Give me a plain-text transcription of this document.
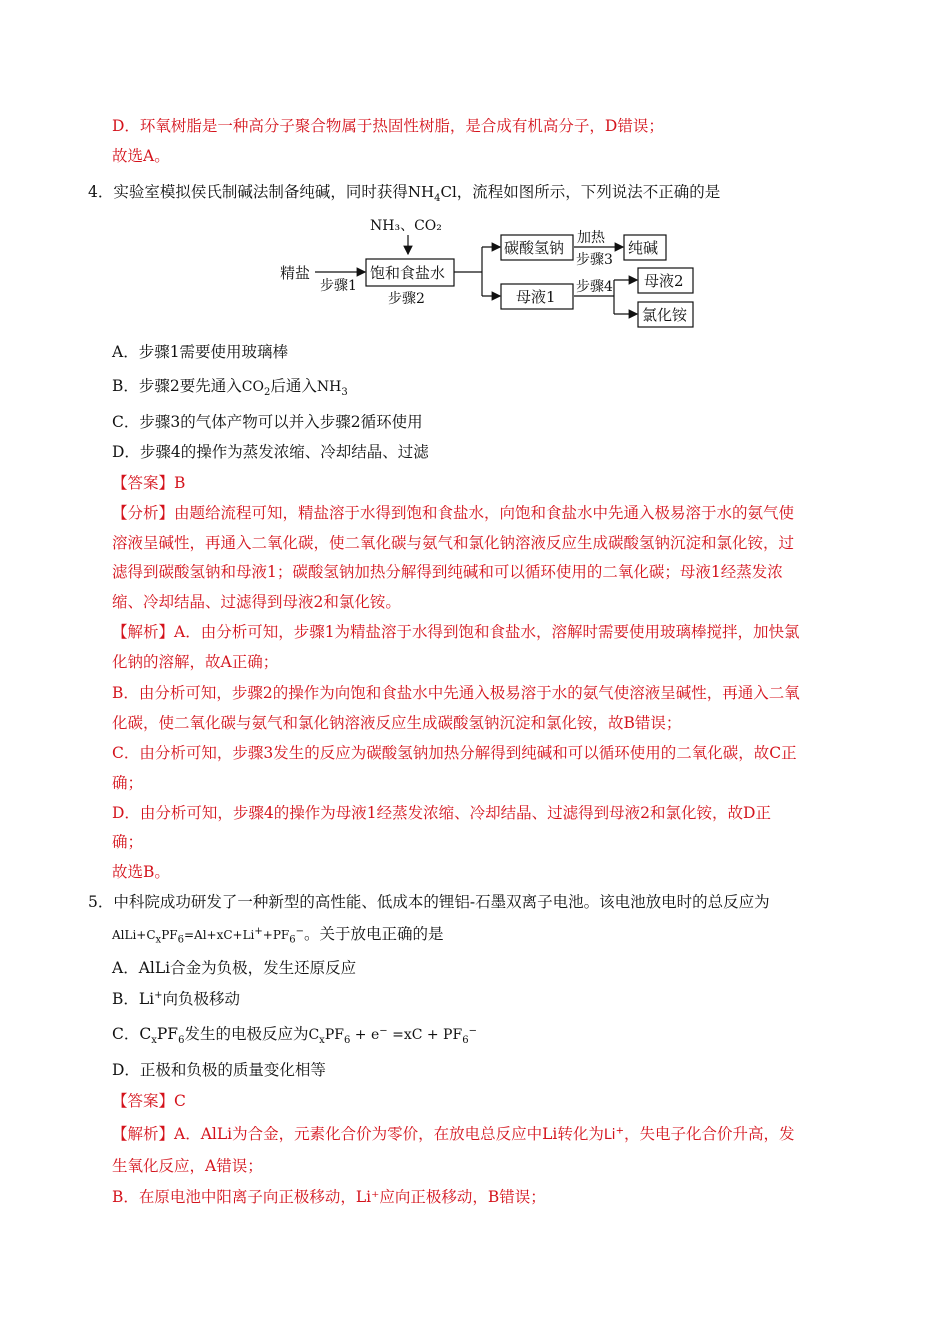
D．环氧树脂是一种高分子聚合物属于热固性树脂，是合成有机高分子，D错误；
故选A。
4．实验室模拟侯氏制碱法制备纯碱，同时获得$NH_4Cl$，流程如图所示，下列说法不正确的是
NH₃、CO₂
精盐
步骤1
饱和食盐水
步骤2
碳酸氢钠
加热
步骤3
纯碱
母液1
步骤4 母液2
氯化铵
A．步骤1需要使用玻璃棒
B．步骤2要先通入$CO_2$后通入$NH_3$
C．步骤3的气体产物可以并入步骤2循环使用
D．步骤4的操作为蒸发浓缩、冷却结晶、过滤
【答案】B
【分析】由题给流程可知，精盐溶于水得到饱和食盐水，向饱和食盐水中先通入极易溶于水的氨气使
溶液呈碱性，再通入二氧化碳，使二氧化碳与氨气和氯化钠溶液反应生成碳酸氢钠沉淀和氯化铵，过
滤得到碳酸氢钠和母液1；碳酸氢钠加热分解得到纯碱和可以循环使用的二氧化碳；母液1经蒸发浓
缩、冷却结晶、过滤得到母液2和氯化铵。
【解析】A．由分析可知，步骤1为精盐溶于水得到饱和食盐水，溶解时需要使用玻璃棒搅拌，加快氯
化钠的溶解，故A正确；
B．由分析可知，步骤2的操作为向饱和食盐水中先通入极易溶于水的氨气使溶液呈碱性，再通入二氧
化碳，使二氧化碳与氨气和氯化钠溶液反应生成碳酸氢钠沉淀和氯化铵，故B错误；
C．由分析可知，步骤3发生的反应为碳酸氢钠加热分解得到纯碱和可以循环使用的二氧化碳，故C正
确；
D．由分析可知，步骤4的操作为母液1经蒸发浓缩、冷却结晶、过滤得到母液2和氯化铵，故D正
确；
故选B。
5．中科院成功研发了一种新型的高性能、低成本的锂铝-石墨双离子电池。该电池放电时的总反应为
$AlLi+C_xPF_6=Al+xC+Li^++PF_6^-$。关于放电正确的是
A．AlLi合金为负极，发生还原反应
B．Li+向负极移动
C．$C_xPF_6$发生的电极反应为$C_xPF_6 + e^- =xC + PF_6^-$
D．正极和负极的质量变化相等
【答案】C
【解析】A．AlLi为合金，元素化合价为零价，在放电总反应中Li转化为Li+，失电子化合价升高，发
生氧化反应，A错误；
B．在原电池中阳离子向正极移动，Li⁺应向正极移动，B错误；
